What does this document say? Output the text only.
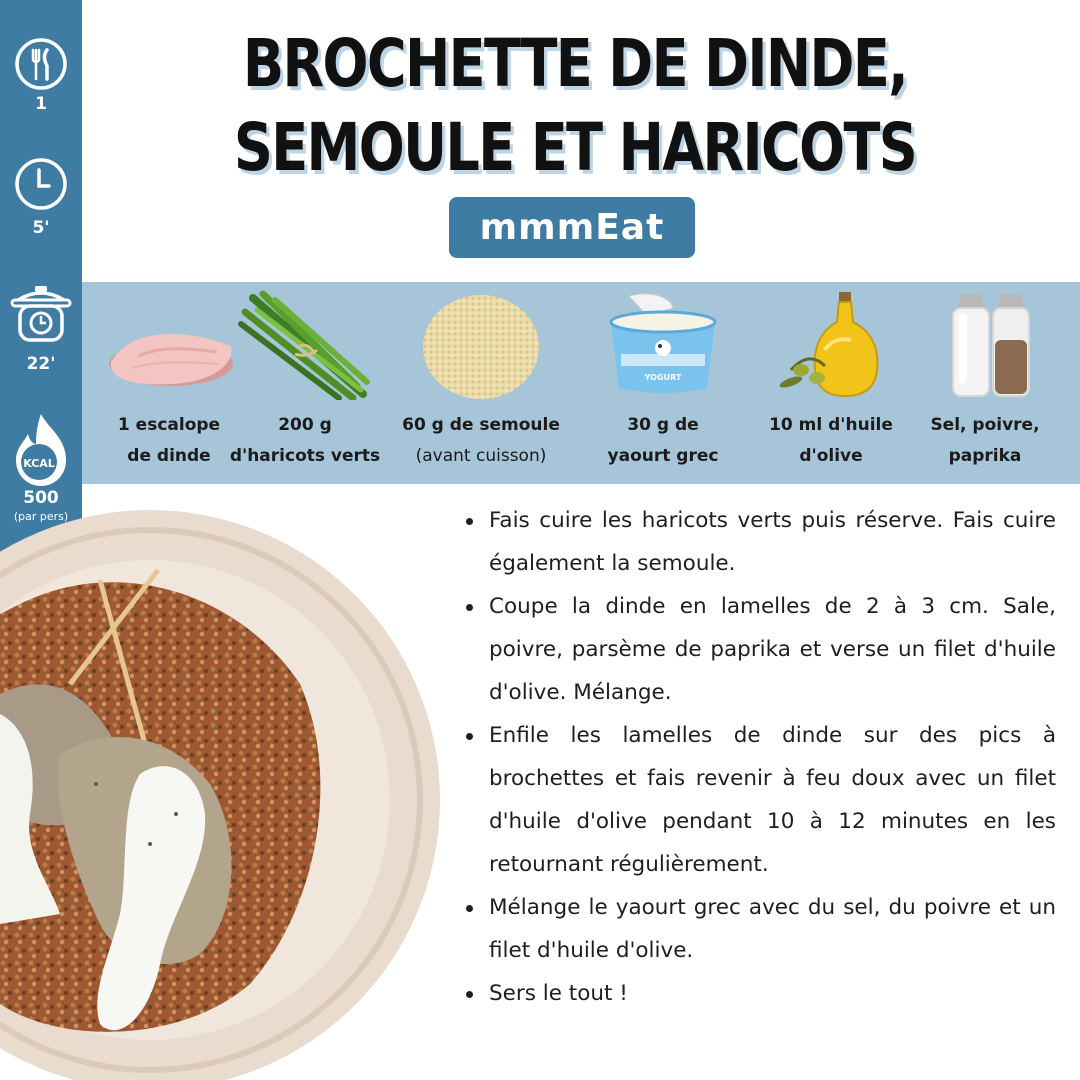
1
5'
22'
KCAL
500
(par pers)
BROCHETTE DE DINDE, SEMOULE ET HARICOTS
mmmEat
1 escalope
de dinde
200 g
d'haricots verts
60 g de semoule
(avant cuisson)
YOGURT
30 g de
yaourt grec
10 ml d'huile
d'olive
Sel, poivre,
paprika
Fais cuire les haricots verts puis réserve. Fais cuire également la semoule.
Coupe la dinde en lamelles de 2 à 3 cm. Sale, poivre, parsème de paprika et verse un filet d'huile d'olive. Mélange.
Enfile les lamelles de dinde sur des pics à brochettes et fais revenir à feu doux avec un filet d'huile d'olive pendant 10 à 12 minutes en les retournant régulièrement.
Mélange le yaourt grec avec du sel, du poivre et un filet d'huile d'olive.
Sers le tout !
